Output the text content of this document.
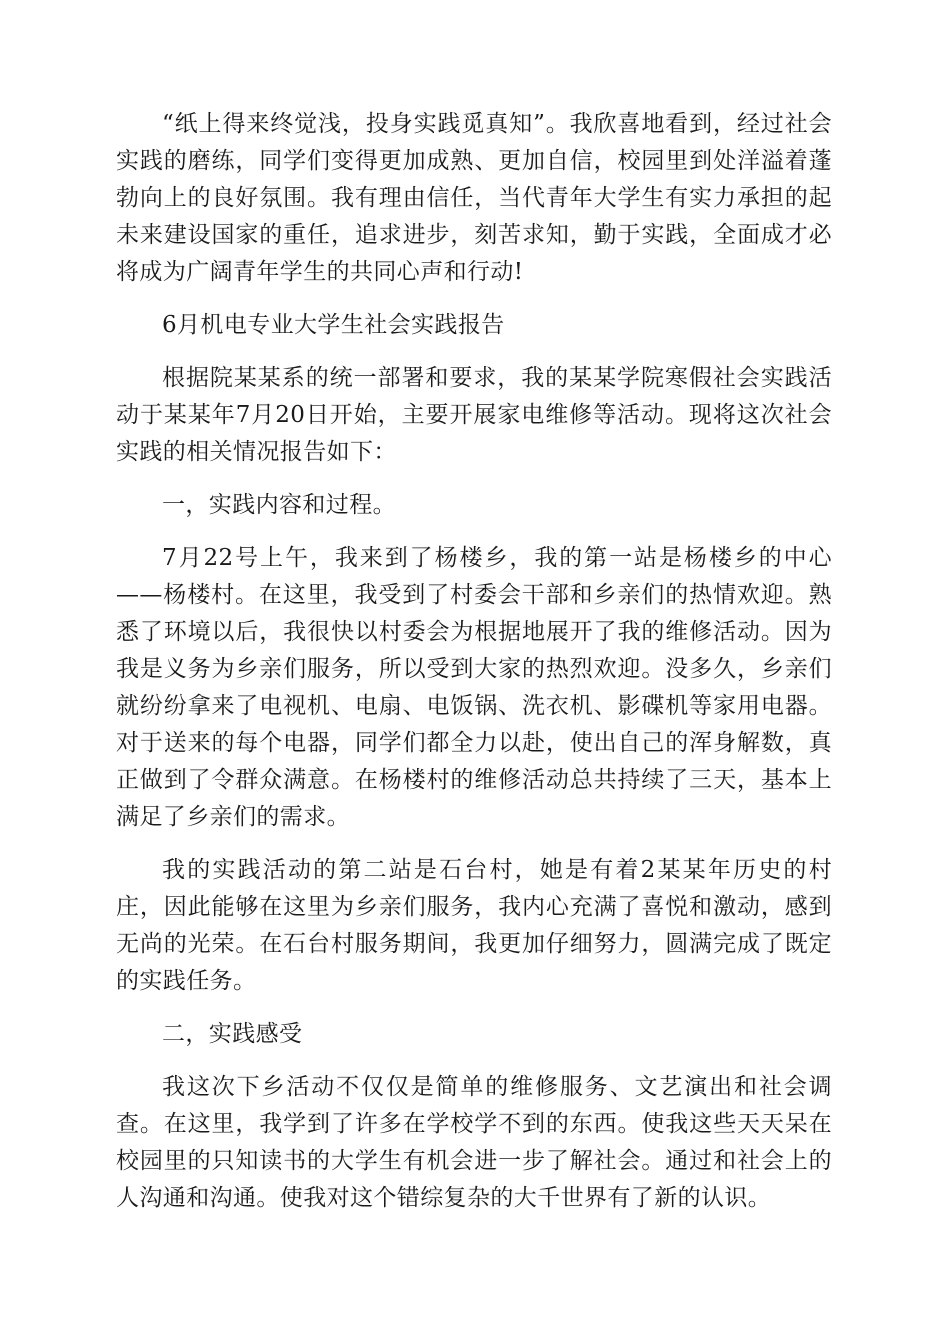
“纸上得来终觉浅，投身实践觅真知”。我欣喜地看到，经过社会实践的磨练，同学们变得更加成熟、更加自信，校园里到处洋溢着蓬勃向上的良好氛围。我有理由信任，当代青年大学生有实力承担的起未来建设国家的重任，追求进步，刻苦求知，勤于实践，全面成才必将成为广阔青年学生的共同心声和行动!

6月机电专业大学生社会实践报告

根据院某某系的统一部署和要求，我的某某学院寒假社会实践活动于某某年7月20日开始，主要开展家电维修等活动。现将这次社会实践的相关情况报告如下：

一，实践内容和过程。

7月22号上午，我来到了杨楼乡，我的第一站是杨楼乡的中心——杨楼村。在这里，我受到了村委会干部和乡亲们的热情欢迎。熟悉了环境以后，我很快以村委会为根据地展开了我的维修活动。因为我是义务为乡亲们服务，所以受到大家的热烈欢迎。没多久，乡亲们就纷纷拿来了电视机、电扇、电饭锅、洗衣机、影碟机等家用电器。对于送来的每个电器，同学们都全力以赴，使出自己的浑身解数，真正做到了令群众满意。在杨楼村的维修活动总共持续了三天，基本上满足了乡亲们的需求。

我的实践活动的第二站是石台村，她是有着2某某年历史的村庄，因此能够在这里为乡亲们服务，我内心充满了喜悦和激动，感到无尚的光荣。在石台村服务期间，我更加仔细努力，圆满完成了既定的实践任务。

二，实践感受

我这次下乡活动不仅仅是简单的维修服务、文艺演出和社会调查。在这里，我学到了许多在学校学不到的东西。使我这些天天呆在校园里的只知读书的大学生有机会进一步了解社会。通过和社会上的人沟通和沟通。使我对这个错综复杂的大千世界有了新的认识。
